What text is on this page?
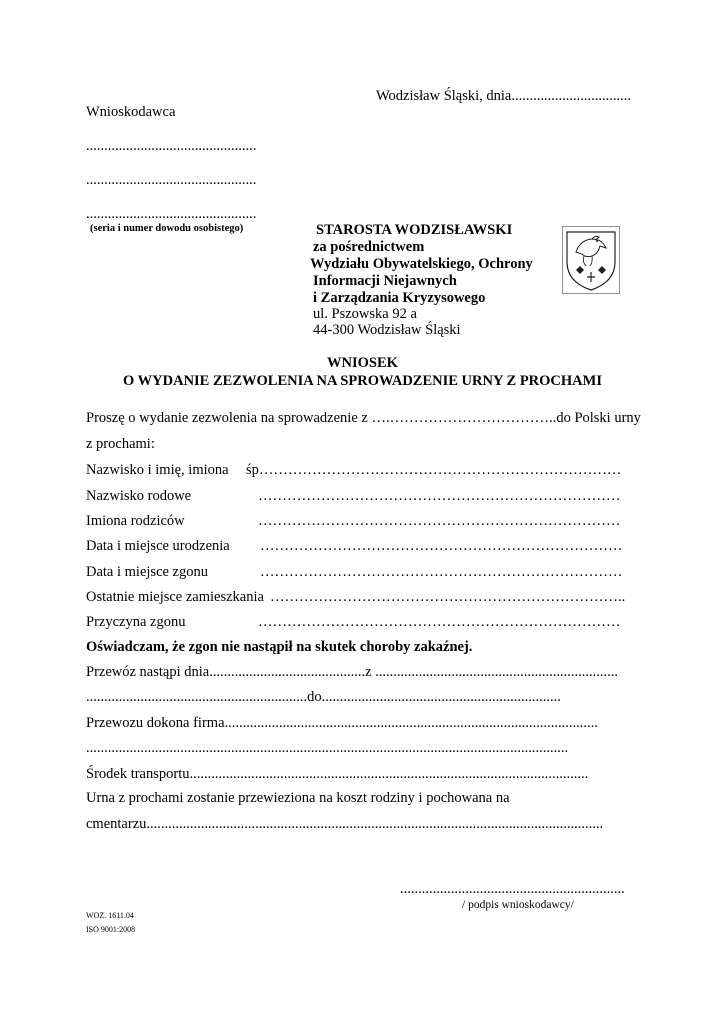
Wodzisław Śląski, dnia.................................
Wnioskodawca
...............................................
...............................................
...............................................
(seria i numer dowodu osobistego)	STAROSTA WODZISŁAWSKI
za pośrednictwem
Wydziału Obywatelskiego, Ochrony
Informacji Niejawnych
i Zarządzania Kryzysowego
ul. Pszowska 92 a
44-300 Wodzisław Śląski
WNIOSEK
O WYDANIE ZEZWOLENIA NA SPROWADZENIE URNY Z PROCHAMI
Proszę o wydanie zezwolenia na sprowadzenie z ….……………………………..do Polski urny
z prochami:
Nazwisko i imię, imiona śp…………………………………………………………………
Nazwisko rodowe	…………………………………………………………………
Imiona rodziców	…………………………………………………………………
Data i miejsce urodzenia …………………………………………………………………
Data i miejsce zgonu	…………………………………………………………………
Ostatnie miejsce zamieszkania ………………………………………………………………..
Przyczyna zgonu	…………………………………………………………………
Oświadczam, że zgon nie nastąpił na skutek choroby zakaźnej.
Przewóz nastąpi dnia...........................................z ...................................................................
.............................................................do..................................................................
Przewozu dokona firma.......................................................................................................
.....................................................................................................................................
Środek transportu..............................................................................................................
Urna z prochami zostanie przewieziona na koszt rodziny i pochowana na
cmentarzu..............................................................................................................................
..............................................................
/ podpis wnioskodawcy/
WOZ. 1611.04
ISO 9001:2008
